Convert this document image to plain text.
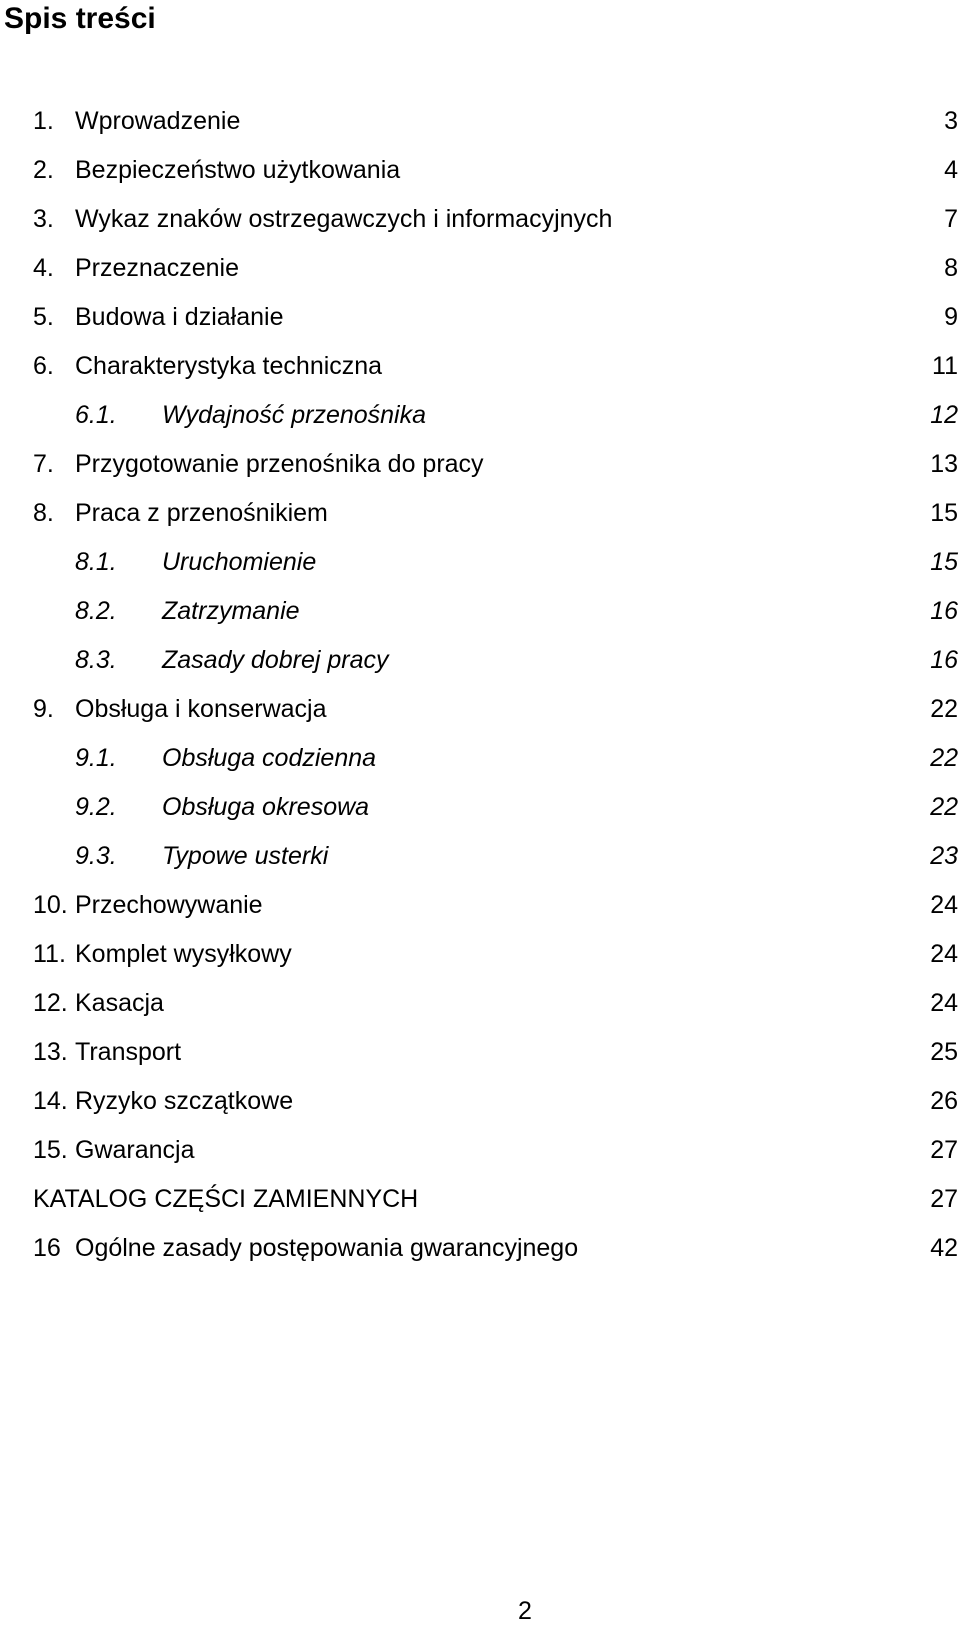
Spis treści
1. Wprowadzenie	3
2. Bezpieczeństwo użytkowania	4
3. Wykaz znaków ostrzegawczych i informacyjnych	7
4. Przeznaczenie	8
5. Budowa i działanie	9
6. Charakterystyka techniczna	11
6.1. Wydajność przenośnika	12
7. Przygotowanie przenośnika do pracy	13
8. Praca z przenośnikiem	15
8.1. Uruchomienie	15
8.2. Zatrzymanie	16
8.3. Zasady dobrej pracy	16
9. Obsługa i konserwacja	22
9.1. Obsługa codzienna	22
9.2. Obsługa okresowa	22
9.3. Typowe usterki	23
10. Przechowywanie	24
11. Komplet wysyłkowy	24
12. Kasacja	24
13. Transport	25
14. Ryzyko szczątkowe	26
15. Gwarancja	27
KATALOG CZĘŚCI ZAMIENNYCH	27
16 Ogólne zasady postępowania gwarancyjnego	42
2
